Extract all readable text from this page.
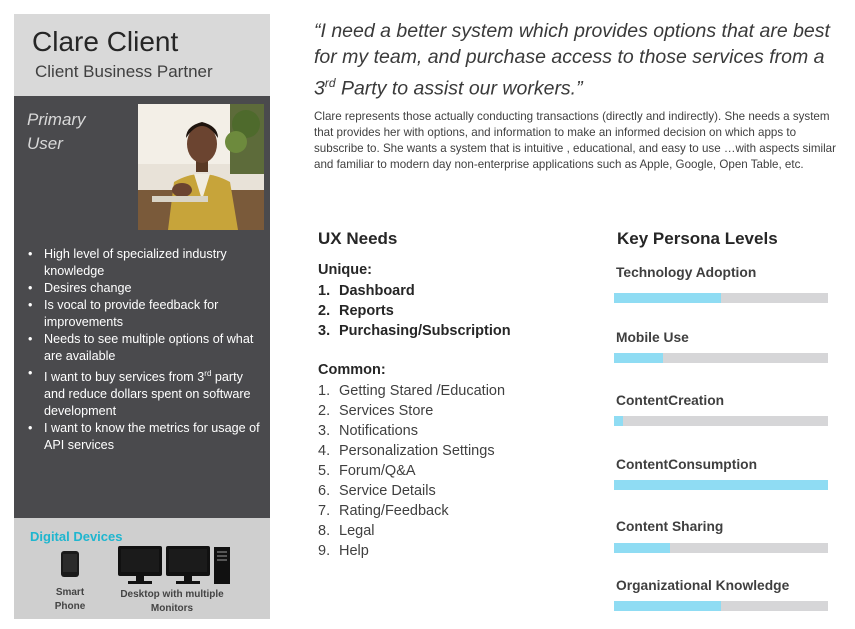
Clare Client
Client Business Partner
Primary User
• High level of specialized industry knowledge
• Desires change
• Is vocal to provide feedback for improvements
• Needs to see multiple options of what are available
• I want to buy services from 3rd party and reduce dollars spent on software development
• I want to know the metrics for usage of API services
Digital Devices
Smart Phone
Desktop with multiple Monitors
“I need a better system which provides options that are best for my team, and purchase access to those services from a 3rd Party to assist our workers.”
Clare represents those actually conducting transactions (directly and indirectly). She needs a system that provides her with options, and information to make an informed decision on which apps to subscribe to. She wants a system that is intuitive , educational, and easy to use …with aspects similar and familiar to modern day non-enterprise applications such as Apple, Google, Open Table, etc.
UX Needs
Unique:
1. Dashboard
2. Reports
3. Purchasing/Subscription
Common:
1. Getting Stared /Education
2. Services Store
3. Notifications
4. Personalization Settings
5. Forum/Q&A
6. Service Details
7. Rating/Feedback
8. Legal
9. Help
Key Persona Levels
Technology Adoption
Mobile Use
ContentCreation
ContentConsumption
Content Sharing
Organizational Knowledge
